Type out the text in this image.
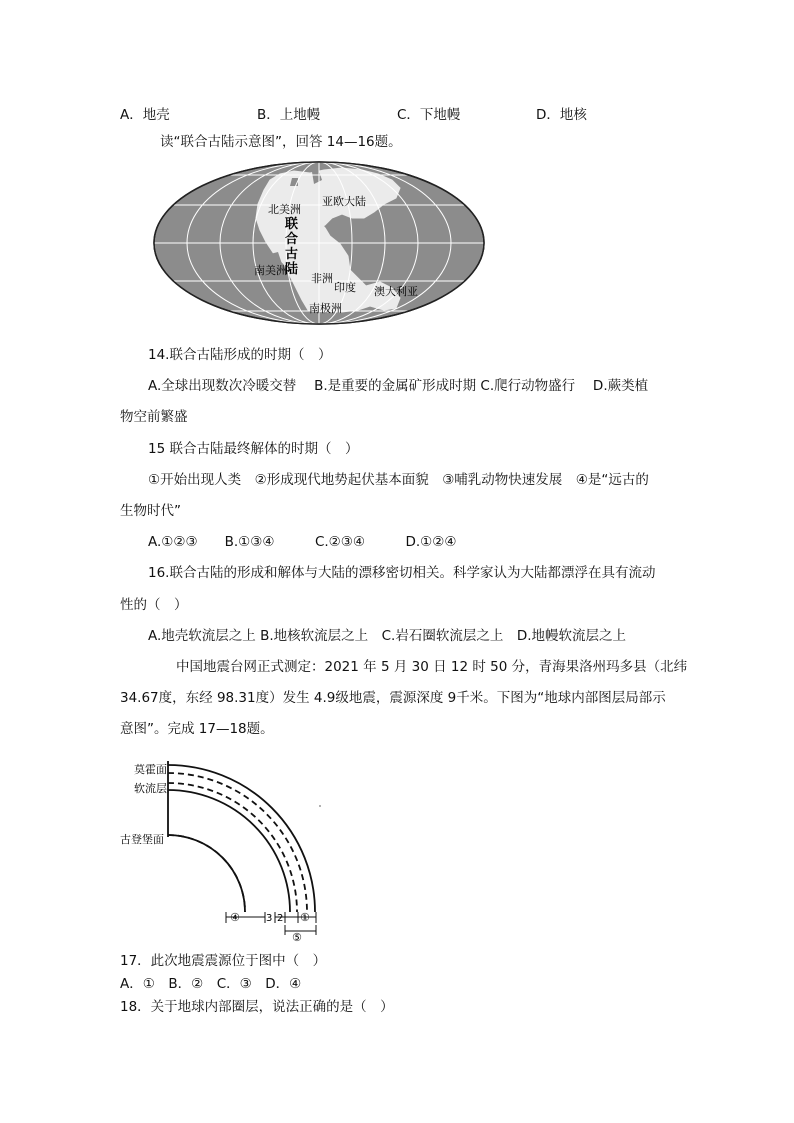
A．地壳	B．上地幔	C．下地幔	D．地核
读“联合古陆示意图”，回答 14—16题。
北美洲
亚欧大陆
联
合
古
陆
南美洲
非洲
印度 澳大利亚
南极洲
14.联合古陆形成的时期（　）
A.全球出现数次冷暖交替　 B.是重要的金属矿形成时期 C.爬行动物盛行　 D.蕨类植
物空前繁盛
15 联合古陆最终解体的时期（　）
①开始出现人类　②形成现代地势起伏基本面貌　③哺乳动物快速发展　④是“远古的
生物时代”
A.①②③　　B.①③④　　　C.②③④　　　D.①②④
16.联合古陆的形成和解体与大陆的漂移密切相关。科学家认为大陆都漂浮在具有流动
性的（　）
A.地壳软流层之上 B.地核软流层之上　C.岩石圈软流层之上　D.地幔软流层之上
中国地震台网正式测定：2021 年 5 月 30 日 12 时 50 分，青海果洛州玛多县（北纬
34.67度，东经 98.31度）发生 4.9级地震，震源深度 9千米。下图为“地球内部图层局部示
意图”。完成 17—18题。
莫霍面
软流层
古登堡面
④	3 2 ①
⑤
17．此次地震震源位于图中（　）
A．①　B．②　C．③　D．④
18．关于地球内部圈层，说法正确的是（　）
